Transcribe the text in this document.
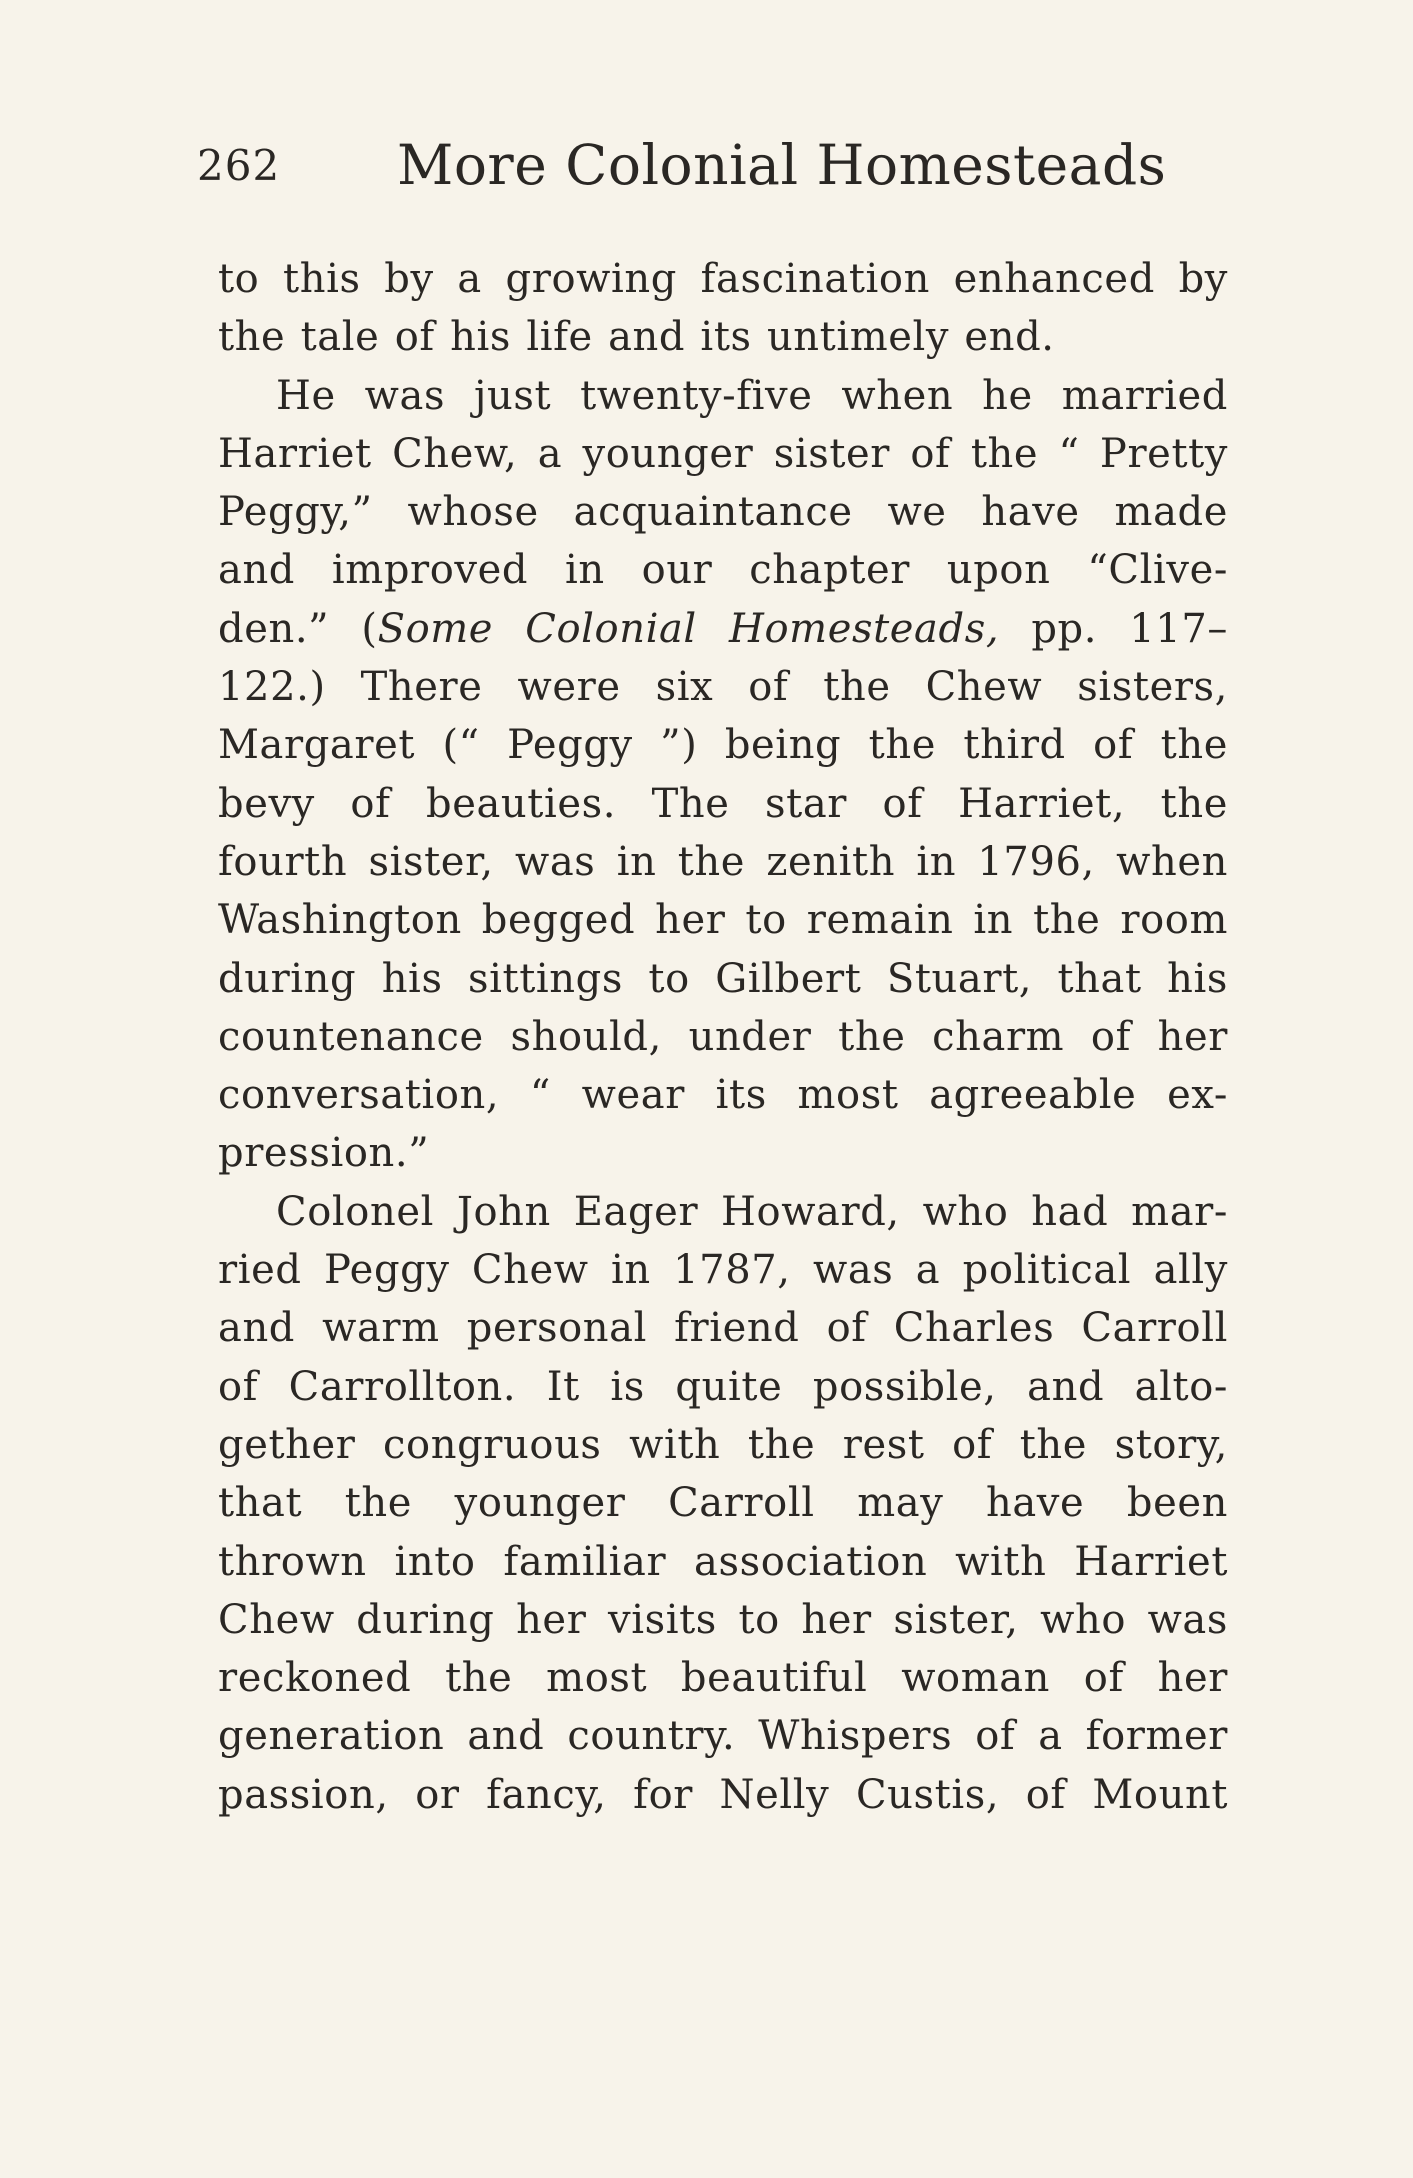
262 More Colonial Homesteads
to this by a growing fascination enhanced by
the tale of his life and its untimely end.
He was just twenty-five when he married
Harriet Chew, a younger sister of the “ Pretty
Peggy,” whose acquaintance we have made
and improved in our chapter upon “Clive-
den.” (Some Colonial Homesteads, pp. 117–
122.) There were six of the Chew sisters,
Margaret (“ Peggy ”) being the third of the
bevy of beauties. The star of Harriet, the
fourth sister, was in the zenith in 1796, when
Washington begged her to remain in the room
during his sittings to Gilbert Stuart, that his
countenance should, under the charm of her
conversation, “ wear its most agreeable ex-
pression.”
Colonel John Eager Howard, who had mar-
ried Peggy Chew in 1787, was a political ally
and warm personal friend of Charles Carroll
of Carrollton. It is quite possible, and alto-
gether congruous with the rest of the story,
that the younger Carroll may have been
thrown into familiar association with Harriet
Chew during her visits to her sister, who was
reckoned the most beautiful woman of her
generation and country. Whispers of a former
passion, or fancy, for Nelly Custis, of Mount
